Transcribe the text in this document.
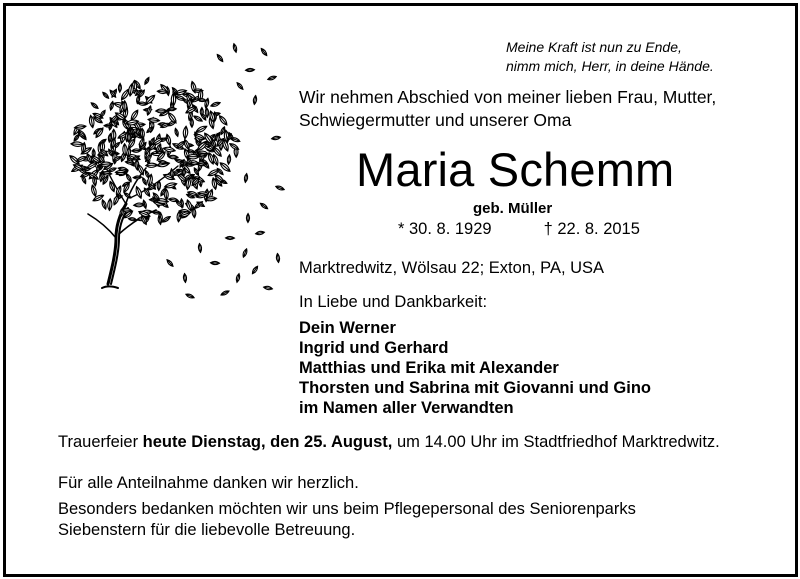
Meine Kraft ist nun zu Ende,
nimm mich, Herr, in deine Hände.
Wir nehmen Abschied von meiner lieben Frau, Mutter,
Schwiegermutter und unserer Oma
Maria Schemm
geb. Müller
* 30. 8. 1929	† 22. 8. 2015
Marktredwitz, Wölsau 22; Exton, PA, USA
In Liebe und Dankbarkeit:
Dein Werner
Ingrid und Gerhard
Matthias und Erika mit Alexander
Thorsten und Sabrina mit Giovanni und Gino
im Namen aller Verwandten
Trauerfeier heute Dienstag, den 25. August, um 14.00 Uhr im Stadtfriedhof Marktredwitz.
Für alle Anteilnahme danken wir herzlich.
Besonders bedanken möchten wir uns beim Pflegepersonal des Seniorenparks
Siebenstern für die liebevolle Betreuung.
